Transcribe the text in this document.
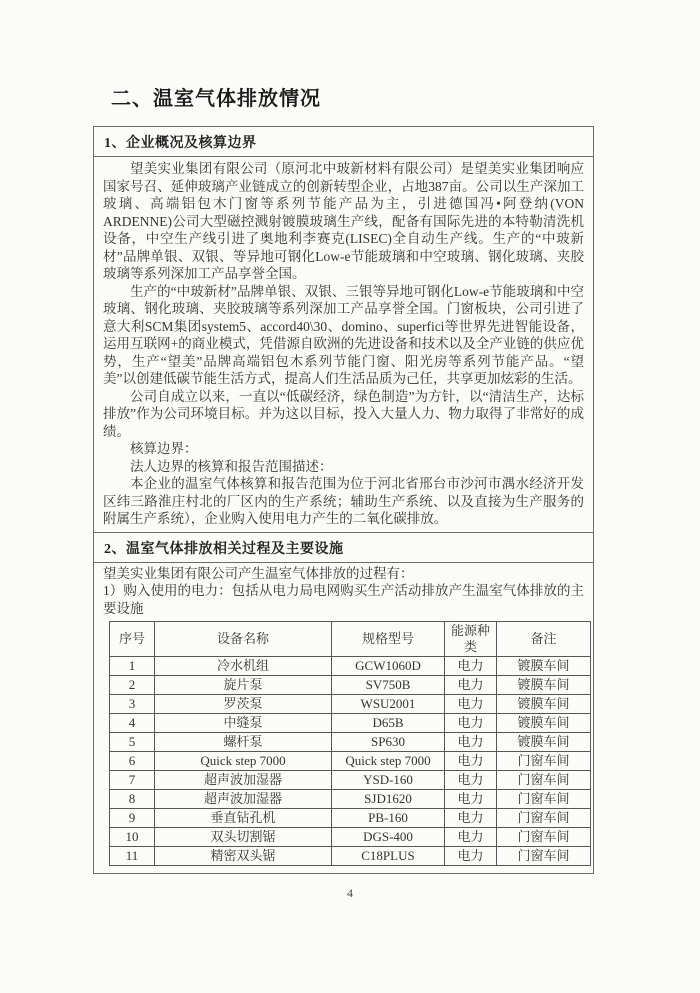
二、温室气体排放情况
1、企业概况及核算边界

望美实业集团有限公司（原河北中玻新材料有限公司）是望美实业集团响应国家号召、延伸玻璃产业链成立的创新转型企业，占地387亩。公司以生产深加工玻璃、高端铝包木门窗等系列节能产品为主，引进德国冯•阿登纳(VON ARDENNE)公司大型磁控溅射镀膜玻璃生产线，配备有国际先进的本特勒清洗机设备，中空生产线引进了奥地利李赛克(LISEC)全自动生产线。生产的“中玻新材”品牌单银、双银、等异地可钢化Low-e节能玻璃和中空玻璃、钢化玻璃、夹胶玻璃等系列深加工产品享誉全国。

生产的“中玻新材”品牌单银、双银、三银等异地可钢化Low-e节能玻璃和中空玻璃、钢化玻璃、夹胶玻璃等系列深加工产品享誉全国。门窗板块，公司引进了意大利SCM集团system5、accord40\30、domino、superfici等世界先进智能设备，运用互联网+的商业模式，凭借源自欧洲的先进设备和技术以及全产业链的供应优势，生产“望美”品牌高端铝包木系列节能门窗、阳光房等系列节能产品。“望美”以创建低碳节能生活方式，提高人们生活品质为己任，共享更加炫彩的生活。

公司自成立以来，一直以“低碳经济，绿色制造”为方针，以“清洁生产，达标排放”作为公司环境目标。并为这以目标，投入大量人力、物力取得了非常好的成绩。

核算边界：

法人边界的核算和报告范围描述：

本企业的温室气体核算和报告范围为位于河北省邢台市沙河市湡水经济开发区纬三路淮庄村北的厂区内的生产系统；辅助生产系统、以及直接为生产服务的附属生产系统），企业购入使用电力产生的二氧化碳排放。

2、温室气体排放相关过程及主要设施

望美实业集团有限公司产生温室气体排放的过程有：

1）购入使用的电力：包括从电力局电网购买生产活动排放产生温室气体排放的主要设施

序号	设备名称	规格型号	能源种类	备注
1	冷水机组	GCW1060D	电力	镀膜车间
2	旋片泵	SV750B	电力	镀膜车间
3	罗茨泵	WSU2001	电力	镀膜车间
4	中缝泵	D65B	电力	镀膜车间
5	螺杆泵	SP630	电力	镀膜车间
6	Quick step 7000	Quick step 7000	电力	门窗车间
7	超声波加湿器	YSD-160	电力	门窗车间
8	超声波加湿器	SJD1620	电力	门窗车间
9	垂直钻孔机	PB-160	电力	门窗车间
10	双头切割锯	DGS-400	电力	门窗车间
11	精密双头锯	C18PLUS	电力	门窗车间
4
